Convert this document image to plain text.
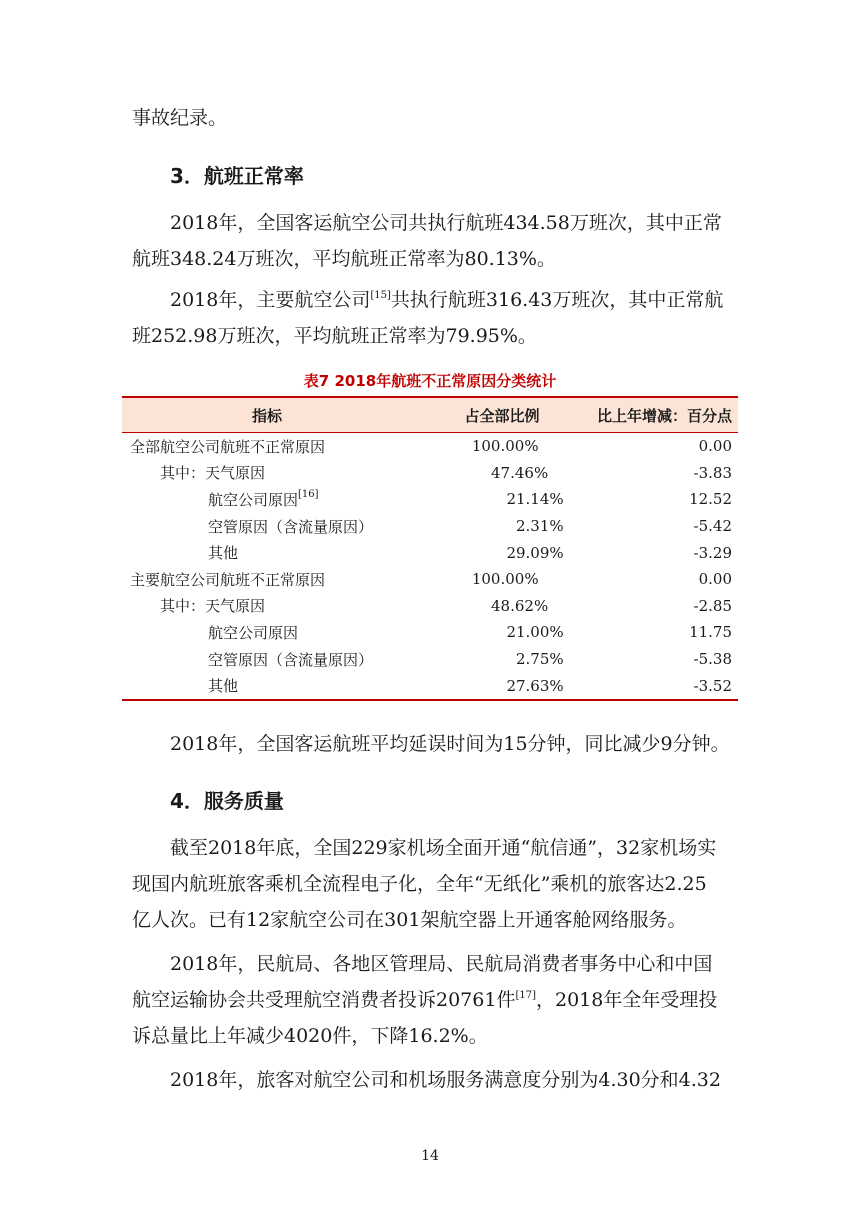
事故纪录。
3．航班正常率
2018年，全国客运航空公司共执行航班434.58万班次，其中正常
航班348.24万班次，平均航班正常率为80.13%。
2018年，主要航空公司[15]共执行航班316.43万班次，其中正常航
班252.98万班次，平均航班正常率为79.95%。
表7 2018年航班不正常原因分类统计
指标	占全部比例	比上年增减：百分点
全部航空公司航班不正常原因	100.00%	0.00
其中：天气原因	47.46%	-3.83
航空公司原因[16]	21.14%	12.52
空管原因（含流量原因）	2.31%	-5.42
其他	29.09%	-3.29
主要航空公司航班不正常原因	100.00%	0.00
其中：天气原因	48.62%	-2.85
航空公司原因	21.00%	11.75
空管原因（含流量原因）	2.75%	-5.38
其他	27.63%	-3.52
2018年，全国客运航班平均延误时间为15分钟，同比减少9分钟。
4．服务质量
截至2018年底，全国229家机场全面开通“航信通”，32家机场实
现国内航班旅客乘机全流程电子化，全年“无纸化”乘机的旅客达2.25
亿人次。已有12家航空公司在301架航空器上开通客舱网络服务。
2018年，民航局、各地区管理局、民航局消费者事务中心和中国
航空运输协会共受理航空消费者投诉20761件[17]，2018年全年受理投
诉总量比上年减少4020件，下降16.2%。
2018年，旅客对航空公司和机场服务满意度分别为4.30分和4.32
14
